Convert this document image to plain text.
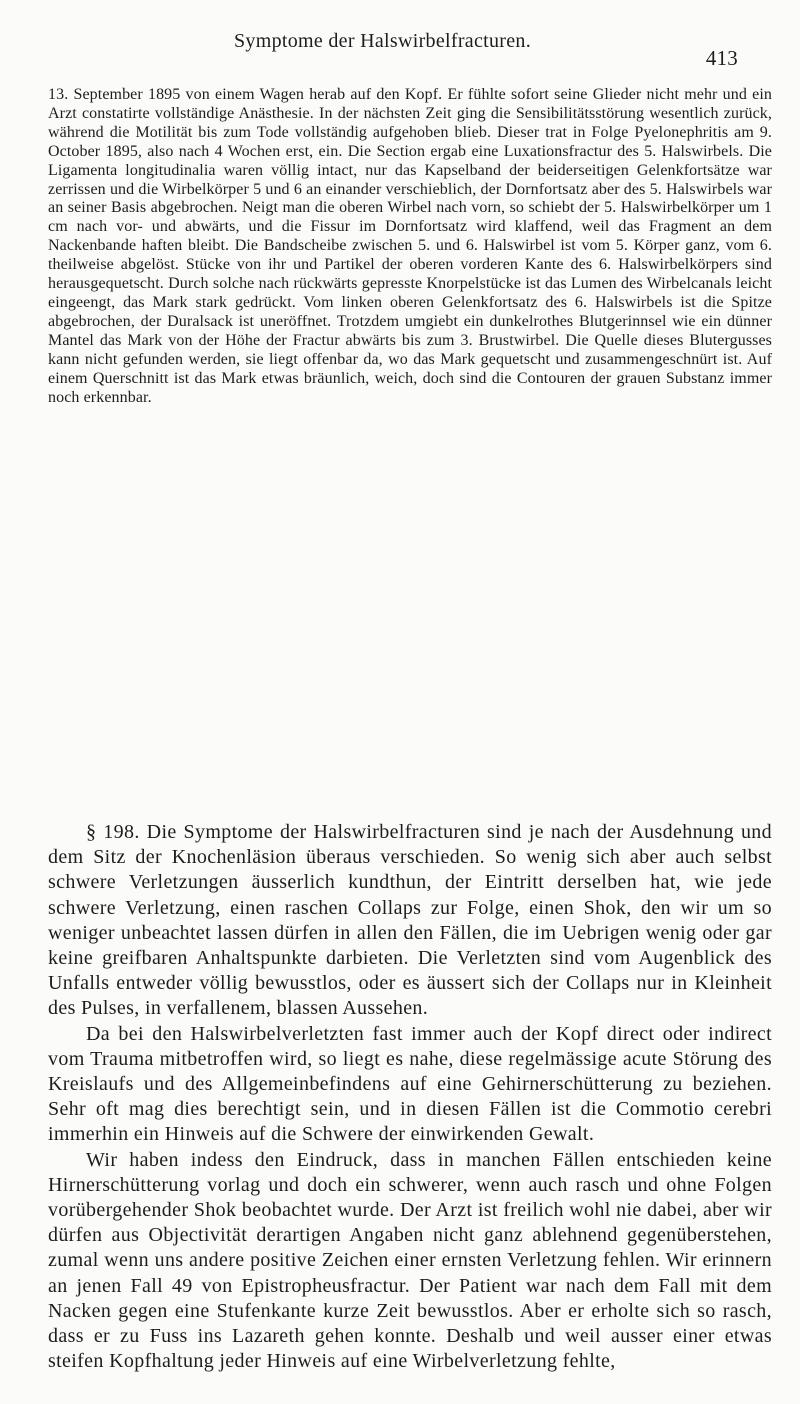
Symptome der Halswirbelfracturen.
413
13. September 1895 von einem Wagen herab auf den Kopf. Er fühlte sofort seine Glieder nicht mehr und ein Arzt constatirte vollständige Anästhesie. In der nächsten Zeit ging die Sensibilitätsstörung wesentlich zurück, während die Motilität bis zum Tode vollständig aufgehoben blieb. Dieser trat in Folge Pyelonephritis am 9. October 1895, also nach 4 Wochen erst, ein. Die Section ergab eine Luxationsfractur des 5. Halswirbels. Die Ligamenta longitudinalia waren völlig intact, nur das Kapselband der beiderseitigen Gelenkfortsätze war zerrissen und die Wirbelkörper 5 und 6 an einander verschieblich, der Dornfortsatz aber des 5. Halswirbels war an seiner Basis abgebrochen. Neigt man die oberen Wirbel nach vorn, so schiebt der 5. Halswirbelkörper um 1 cm nach vor- und abwärts, und die Fissur im Dornfortsatz wird klaffend, weil das Fragment an dem Nackenbande haften bleibt. Die Bandscheibe zwischen 5. und 6. Halswirbel ist vom 5. Körper ganz, vom 6. theilweise abgelöst. Stücke von ihr und Partikel der oberen vorderen Kante des 6. Halswirbelkörpers sind herausgequetscht. Durch solche nach rückwärts gepresste Knorpelstücke ist das Lumen des Wirbelcanals leicht eingeengt, das Mark stark gedrückt. Vom linken oberen Gelenkfortsatz des 6. Halswirbels ist die Spitze abgebrochen, der Duralsack ist uneröffnet. Trotzdem umgiebt ein dunkelrothes Blutgerinnsel wie ein dünner Mantel das Mark von der Höhe der Fractur abwärts bis zum 3. Brustwirbel. Die Quelle dieses Blutergusses kann nicht gefunden werden, sie liegt offenbar da, wo das Mark gequetscht und zusammengeschnürt ist. Auf einem Querschnitt ist das Mark etwas bräunlich, weich, doch sind die Contouren der grauen Substanz immer noch erkennbar.

§ 198. Die Symptome der Halswirbelfracturen sind je nach der Ausdehnung und dem Sitz der Knochenläsion überaus verschieden. So wenig sich aber auch selbst schwere Verletzungen äusserlich kundthun, der Eintritt derselben hat, wie jede schwere Verletzung, einen raschen Collaps zur Folge, einen Shok, den wir um so weniger unbeachtet lassen dürfen in allen den Fällen, die im Uebrigen wenig oder gar keine greifbaren Anhaltspunkte darbieten. Die Verletzten sind vom Augenblick des Unfalls entweder völlig bewusstlos, oder es äussert sich der Collaps nur in Kleinheit des Pulses, in verfallenem, blassen Aussehen.

Da bei den Halswirbelverletzten fast immer auch der Kopf direct oder indirect vom Trauma mitbetroffen wird, so liegt es nahe, diese regelmässige acute Störung des Kreislaufs und des Allgemeinbefindens auf eine Gehirnerschütterung zu beziehen. Sehr oft mag dies berechtigt sein, und in diesen Fällen ist die Commotio cerebri immerhin ein Hinweis auf die Schwere der einwirkenden Gewalt.

Wir haben indess den Eindruck, dass in manchen Fällen entschieden keine Hirnerschütterung vorlag und doch ein schwerer, wenn auch rasch und ohne Folgen vorübergehender Shok beobachtet wurde. Der Arzt ist freilich wohl nie dabei, aber wir dürfen aus Objectivität derartigen Angaben nicht ganz ablehnend gegenüberstehen, zumal wenn uns andere positive Zeichen einer ernsten Verletzung fehlen. Wir erinnern an jenen Fall 49 von Epistropheusfractur. Der Patient war nach dem Fall mit dem Nacken gegen eine Stufenkante kurze Zeit bewusstlos. Aber er erholte sich so rasch, dass er zu Fuss ins Lazareth gehen konnte. Deshalb und weil ausser einer etwas steifen Kopfhaltung jeder Hinweis auf eine Wirbelverletzung fehlte,
